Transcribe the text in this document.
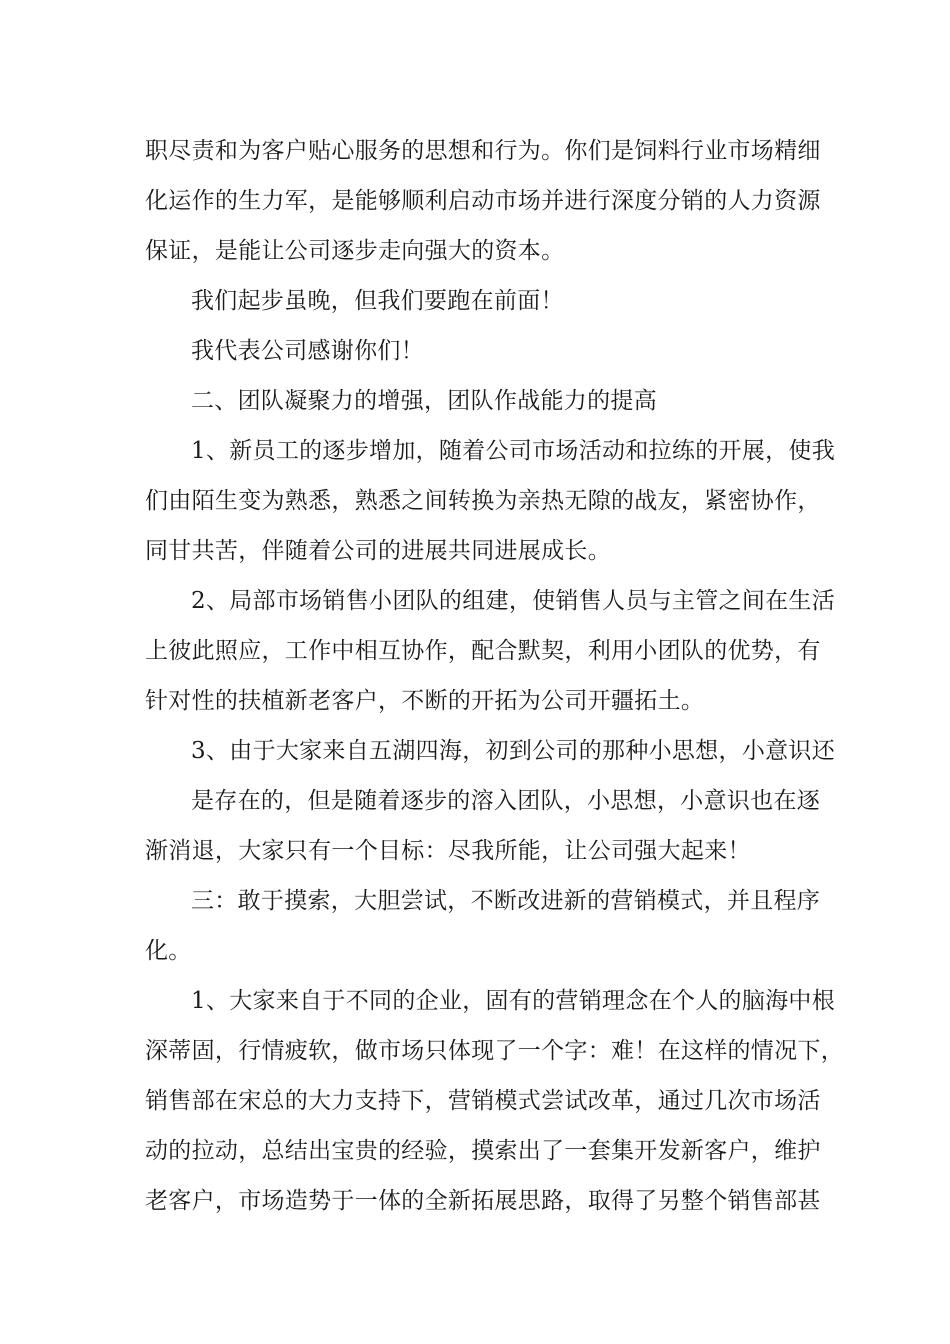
职尽责和为客户贴心服务的思想和行为。你们是饲料行业市场精细
化运作的生力军，是能够顺利启动市场并进行深度分销的人力资源
保证，是能让公司逐步走向强大的资本。
我们起步虽晚，但我们要跑在前面！
我代表公司感谢你们！
二、团队凝聚力的增强，团队作战能力的提高
1、新员工的逐步增加，随着公司市场活动和拉练的开展，使我
们由陌生变为熟悉，熟悉之间转换为亲热无隙的战友，紧密协作，
同甘共苦，伴随着公司的进展共同进展成长。
2、局部市场销售小团队的组建，使销售人员与主管之间在生活
上彼此照应，工作中相互协作，配合默契，利用小团队的优势，有
针对性的扶植新老客户，不断的开拓为公司开疆拓土。
3、由于大家来自五湖四海，初到公司的那种小思想，小意识还
是存在的，但是随着逐步的溶入团队，小思想，小意识也在逐
渐消退，大家只有一个目标：尽我所能，让公司强大起来！
三：敢于摸索，大胆尝试，不断改进新的营销模式，并且程序
化。
1、大家来自于不同的企业，固有的营销理念在个人的脑海中根
深蒂固，行情疲软，做市场只体现了一个字：难！在这样的情况下，
销售部在宋总的大力支持下，营销模式尝试改革，通过几次市场活
动的拉动，总结出宝贵的经验，摸索出了一套集开发新客户，维护
老客户，市场造势于一体的全新拓展思路，取得了另整个销售部甚
